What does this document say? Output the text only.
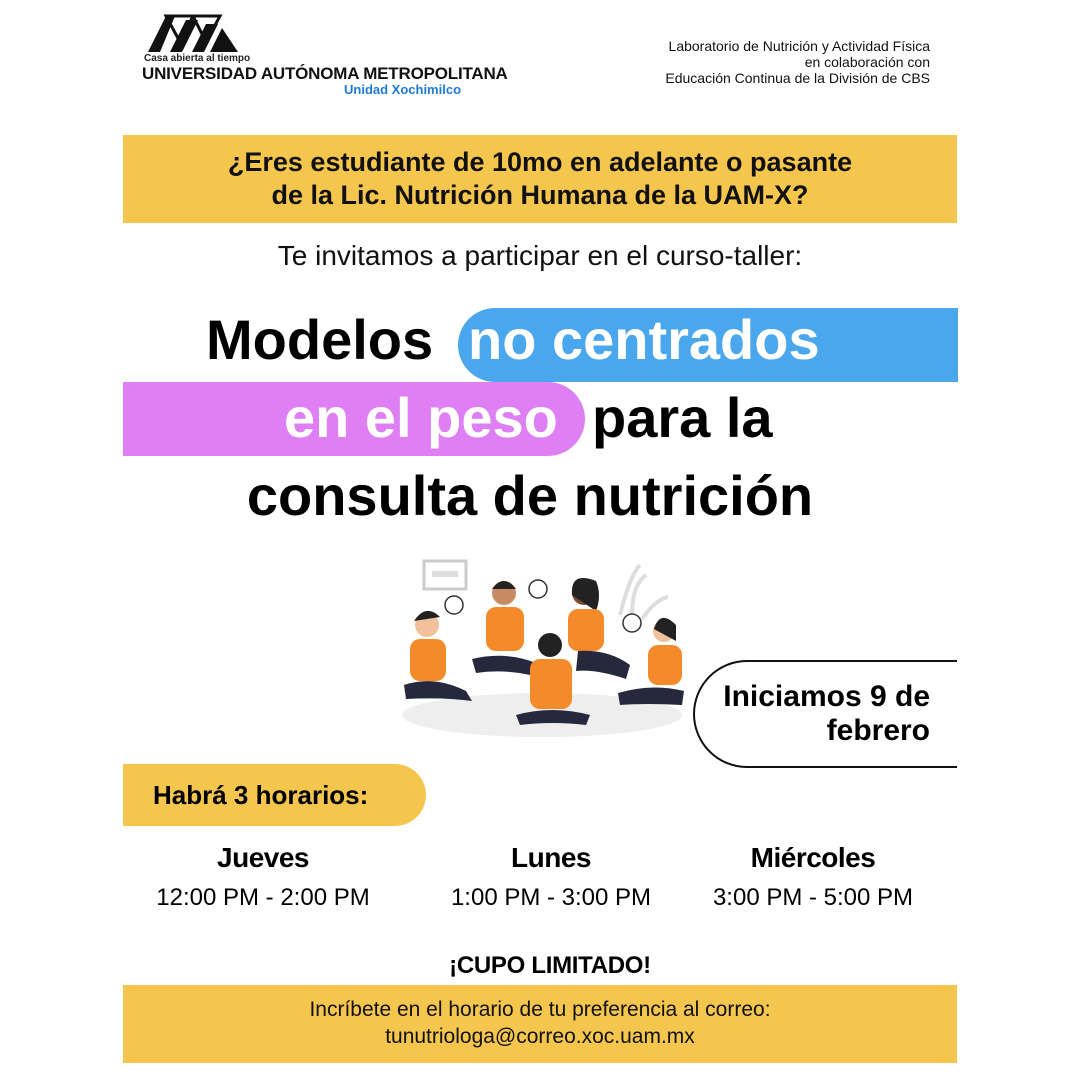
Casa abierta al tiempo
UNIVERSIDAD AUTÓNOMA METROPOLITANA
Unidad Xochimilco
Laboratorio de Nutrición y Actividad Física
en colaboración con
Educación Continua de la División de CBS
¿Eres estudiante de 10mo en adelante o pasante
de la Lic. Nutrición Humana de la UAM-X?
Te invitamos a participar en el curso-taller:
Modelos no centrados
en el peso para la
consulta de nutrición
Iniciamos 9 de
febrero
Habrá 3 horarios:
Jueves
12:00 PM - 2:00 PM
Lunes
1:00 PM - 3:00 PM
Miércoles
3:00 PM - 5:00 PM
¡CUPO LIMITADO!
Incríbete en el horario de tu preferencia al correo:
tunutriologa@correo.xoc.uam.mx
